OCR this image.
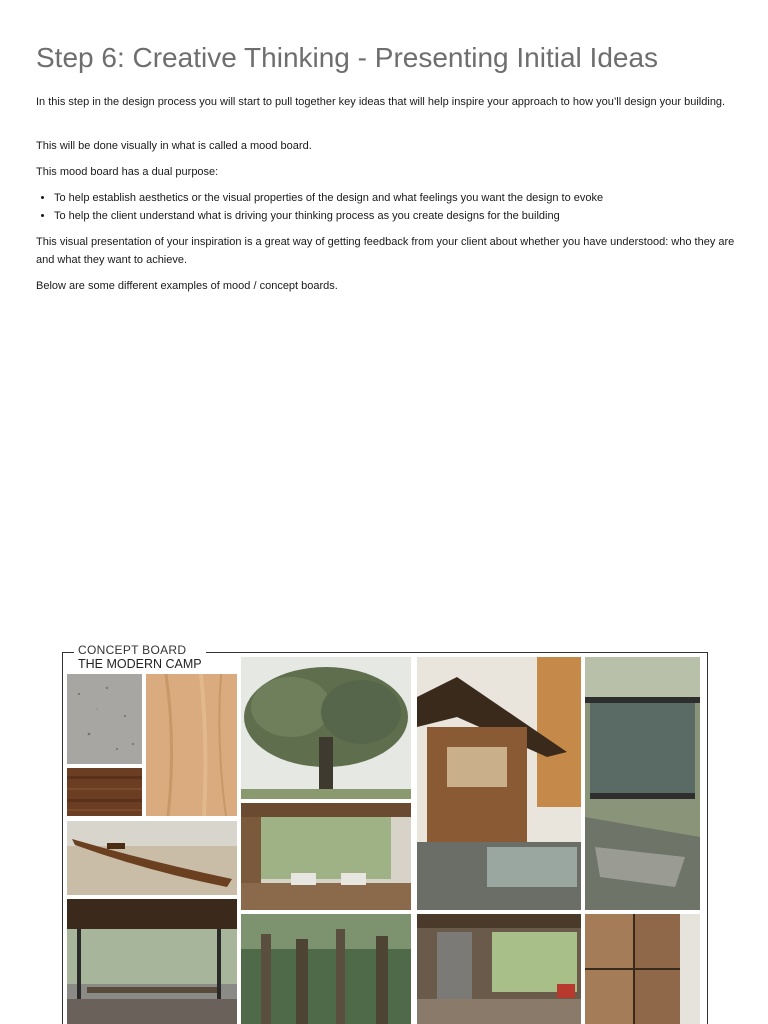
Step 6: Creative Thinking - Presenting Initial Ideas

In this step in the design process you will start to pull together key ideas that will help inspire your approach to how you’ll design your building.

This will be done visually in what is called a mood board.

This mood board has a dual purpose:

• To help establish aesthetics or the visual properties of the design and what feelings you want the design to evoke
• To help the client understand what is driving your thinking process as you create designs for the building

This visual presentation of your inspiration is a great way of getting feedback from your client about whether you have understood: who they are and what they want to achieve.

Below are some different examples of mood / concept boards.

CONCEPT BOARD
THE MODERN CAMP
